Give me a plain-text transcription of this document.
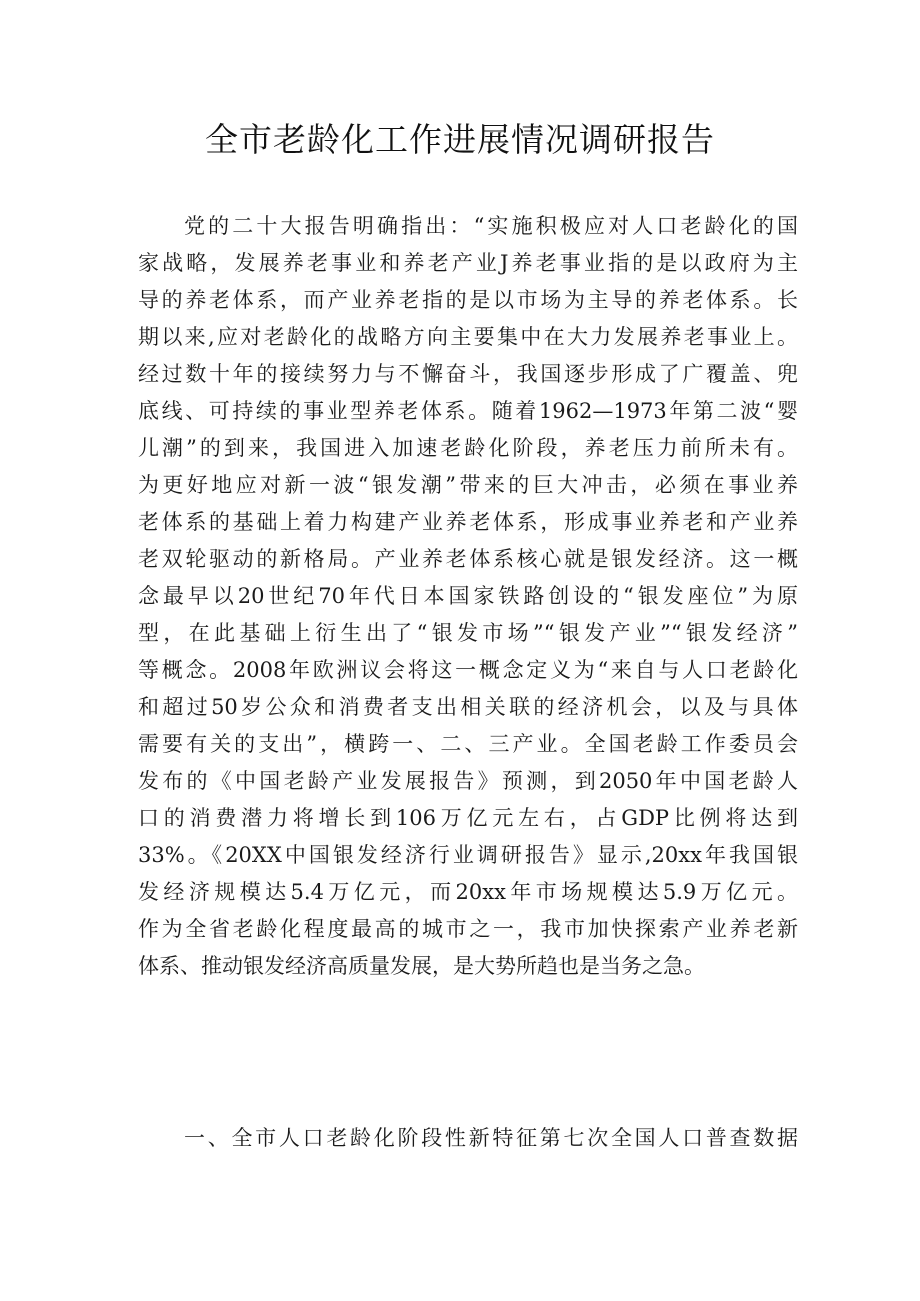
全市老龄化工作进展情况调研报告
党的二十大报告明确指出：“实施积极应对人口老龄化的国
家战略，发展养老事业和养老产业J养老事业指的是以政府为主
导的养老体系，而产业养老指的是以市场为主导的养老体系。长
期以来,应对老龄化的战略方向主要集中在大力发展养老事业上。
经过数十年的接续努力与不懈奋斗，我国逐步形成了广覆盖、兜
底线、可持续的事业型养老体系。随着1962—1973年第二波“婴
儿潮”的到来，我国进入加速老龄化阶段，养老压力前所未有。
为更好地应对新一波“银发潮”带来的巨大冲击，必须在事业养
老体系的基础上着力构建产业养老体系，形成事业养老和产业养
老双轮驱动的新格局。产业养老体系核心就是银发经济。这一概
念最早以20世纪70年代日本国家铁路创设的“银发座位”为原
型，在此基础上衍生出了“银发市场”“银发产业”“银发经济”
等概念。2008年欧洲议会将这一概念定义为“来自与人口老龄化
和超过50岁公众和消费者支出相关联的经济机会，以及与具体
需要有关的支出”，横跨一、二、三产业。全国老龄工作委员会
发布的《中国老龄产业发展报告》预测，到2050年中国老龄人
口的消费潜力将增长到106万亿元左右，占GDP比例将达到
33%。《20XX中国银发经济行业调研报告》显示,20xx年我国银
发经济规模达5.4万亿元，而20xx年市场规模达5.9万亿元。
作为全省老龄化程度最高的城市之一，我市加快探索产业养老新
体系、推动银发经济高质量发展，是大势所趋也是当务之急。
一、全市人口老龄化阶段性新特征第七次全国人口普查数据
